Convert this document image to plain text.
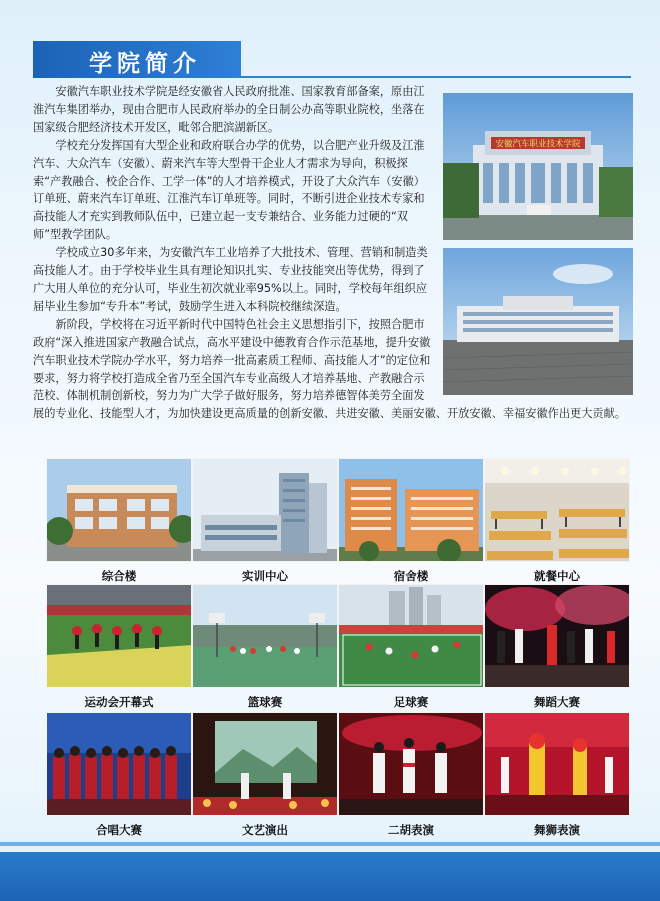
学院简介
安徽汽车职业技术学院

安徽汽车职业技术学院是经安徽省人民政府批准、国家教育部备案，原由江淮汽车集团举办，现由合肥市人民政府举办的全日制公办高等职业院校，坐落在国家级合肥经济技术开发区，毗邻合肥滨湖新区。

学校充分发挥国有大型企业和政府联合办学的优势，以合肥产业升级及江淮汽车、大众汽车（安徽）、蔚来汽车等大型骨干企业人才需求为导向，积极探索“产教融合、校企合作、工学一体”的人才培养模式，开设了大众汽车（安徽）订单班、蔚来汽车订单班、江淮汽车订单班等。同时，不断引进企业技术专家和高技能人才充实到教师队伍中，已建立起一支专兼结合、业务能力过硬的“双师”型教学团队。

学校成立30多年来，为安徽汽车工业培养了大批技术、管理、营销和制造类高技能人才。由于学校毕业生具有理论知识扎实、专业技能突出等优势，得到了广大用人单位的充分认可，毕业生初次就业率95%以上。同时，学校每年组织应届毕业生参加“专升本”考试，鼓励学生进入本科院校继续深造。

新阶段，学校将在习近平新时代中国特色社会主义思想指引下，按照合肥市政府“深入推进国家产教融合试点，高水平建设中德教育合作示范基地，提升安徽汽车职业技术学院办学水平，努力培养一批高素质工程师、高技能人才”的定位和要求，努力将学校打造成全省乃至全国汽车专业高级人才培养基地、产教融合示范校、体制机制创新校，努力为广大学子做好服务，努力培养德智体美劳全面发展的专业化、技能型人才，为加快建设更高质量的创新安徽、共进安徽、美丽安徽、开放安徽、幸福安徽作出更大贡献。

综合楼	实训中心	宿舍楼	就餐中心
运动会开幕式	篮球赛	足球赛	舞蹈大赛
合唱大赛	文艺演出	二胡表演	舞狮表演
